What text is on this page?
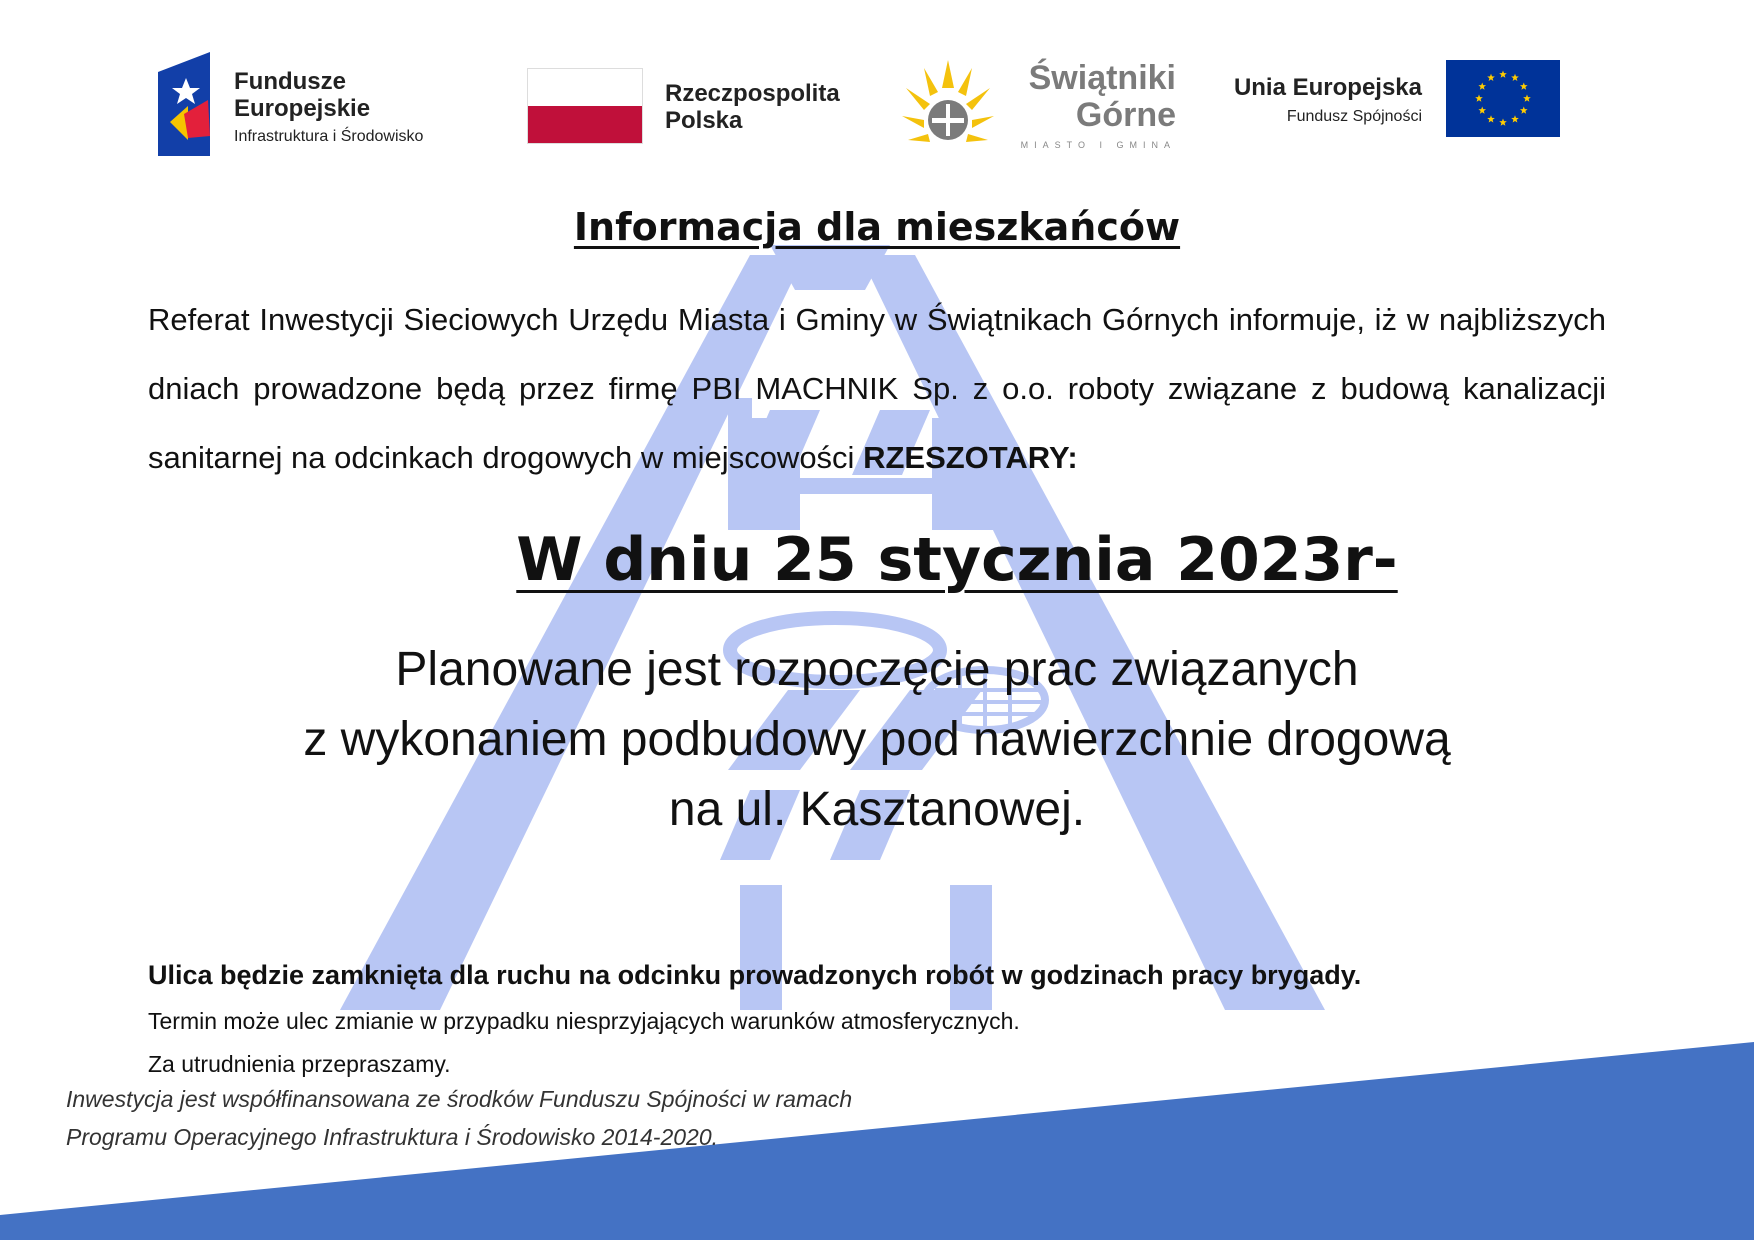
Fundusze
Europejskie
Infrastruktura i Środowisko
Rzeczpospolita
Polska
Świątniki
Górne
MIASTO I GMINA
Unia Europejska
Fundusz Spójności
Informacja dla mieszkańców
Referat Inwestycji Sieciowych Urzędu Miasta i Gminy w Świątnikach Górnych informuje, iż w najbliższych dniach prowadzone będą przez firmę PBI MACHNIK Sp. z o.o. roboty związane z budową kanalizacji sanitarnej na odcinkach drogowych w miejscowości RZESZOTARY:
W dniu 25 stycznia 2023r-
Planowane jest rozpoczęcie prac związanych
z wykonaniem podbudowy pod nawierzchnie drogową
na ul. Kasztanowej.
Ulica będzie zamknięta dla ruchu na odcinku prowadzonych robót w godzinach pracy brygady.
Termin może ulec zmianie w przypadku niesprzyjających warunków atmosferycznych.
Za utrudnienia przepraszamy.
Inwestycja jest współfinansowana ze środków Funduszu Spójności w ramach
Programu Operacyjnego Infrastruktura i Środowisko 2014-2020.
